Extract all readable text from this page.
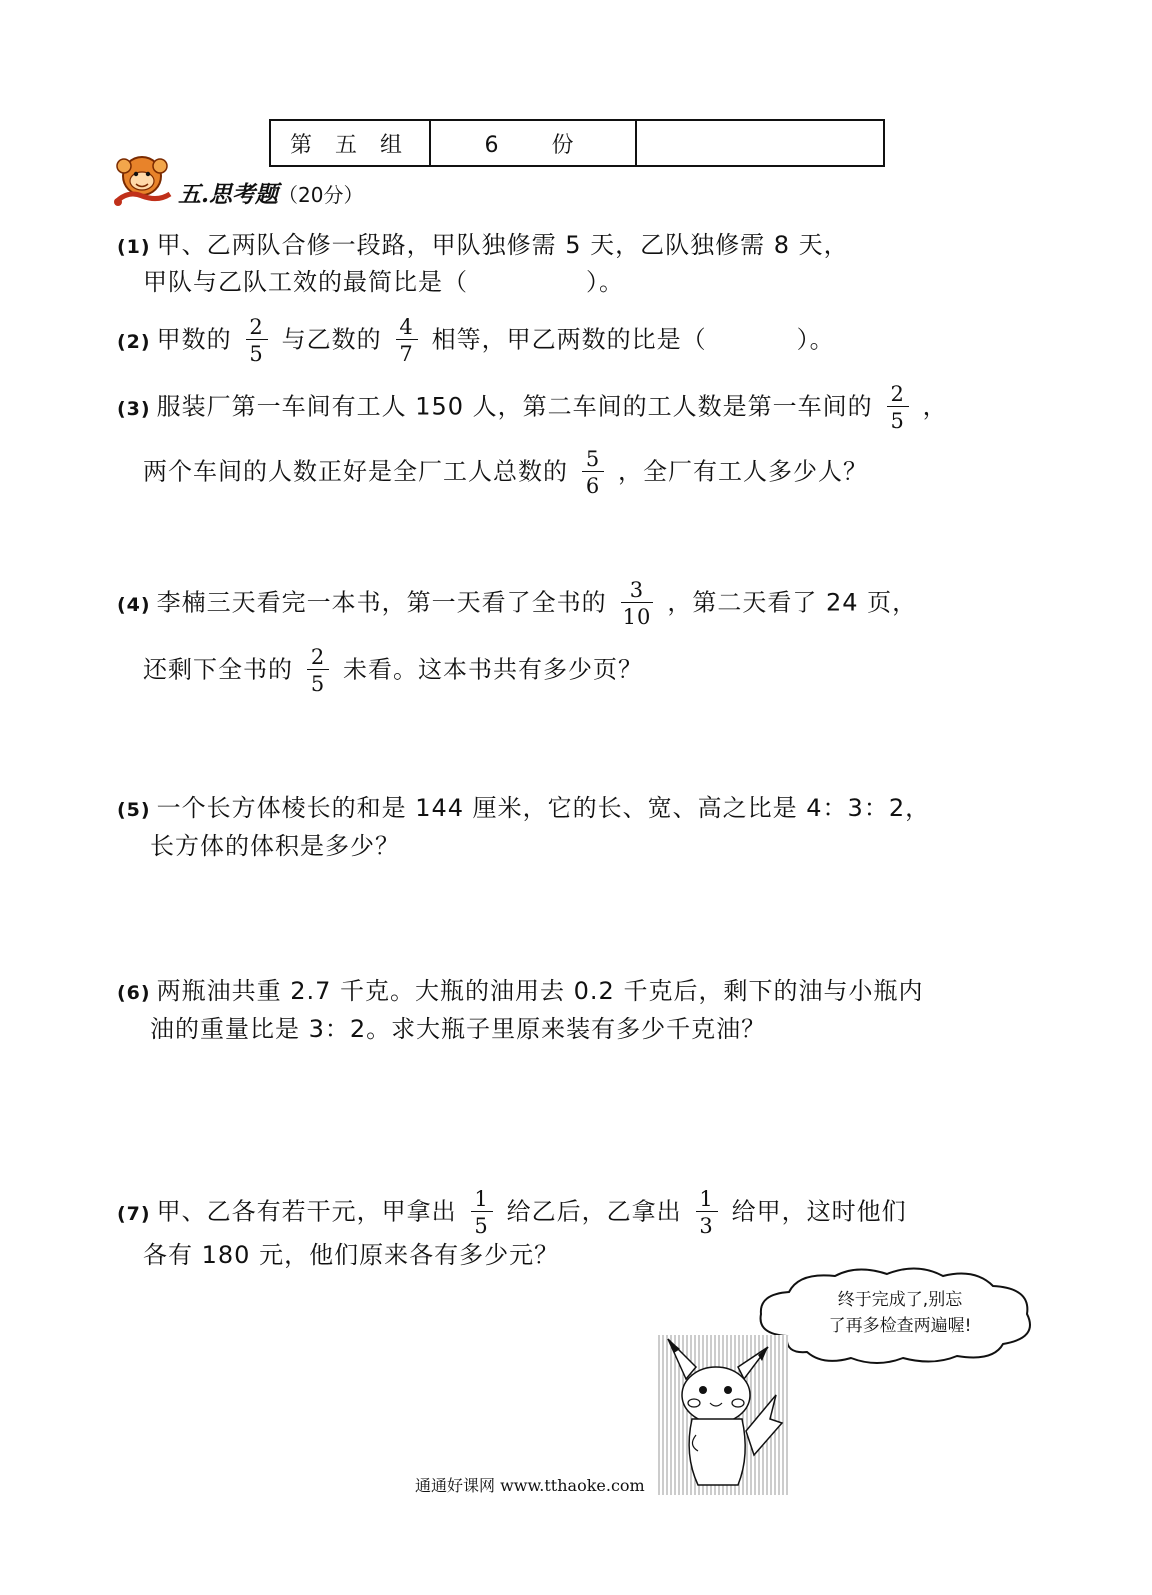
第 五 组	6　 份
五.思考题（20分）
(1) 甲、乙两队合修一段路，甲队独修需 5 天，乙队独修需 8 天，
甲队与乙队工效的最简比是（	）。
(2) 甲数的 $\frac{2}{5}$ 与乙数的 $\frac{4}{7}$ 相等，甲乙两数的比是（	）。
(3) 服装厂第一车间有工人 150 人，第二车间的工人数是第一车间的 $\frac{2}{5}$ ，
两个车间的人数正好是全厂工人总数的 $\frac{5}{6}$ ，全厂有工人多少人？
(4) 李楠三天看完一本书，第一天看了全书的 $\frac{3}{10}$ ，第二天看了 24 页，
还剩下全书的 $\frac{2}{5}$ 未看。这本书共有多少页？
(5) 一个长方体棱长的和是 144 厘米，它的长、宽、高之比是 4：3：2，
长方体的体积是多少？
(6) 两瓶油共重 2.7 千克。大瓶的油用去 0.2 千克后，剩下的油与小瓶内
油的重量比是 3：2。求大瓶子里原来装有多少千克油？
(7) 甲、乙各有若干元，甲拿出 $\frac{1}{5}$ 给乙后，乙拿出 $\frac{1}{3}$ 给甲，这时他们
各有 180 元，他们原来各有多少元？
终于完成了,别忘
了再多检查两遍喔!
通通好课网 www.tthaoke.com
